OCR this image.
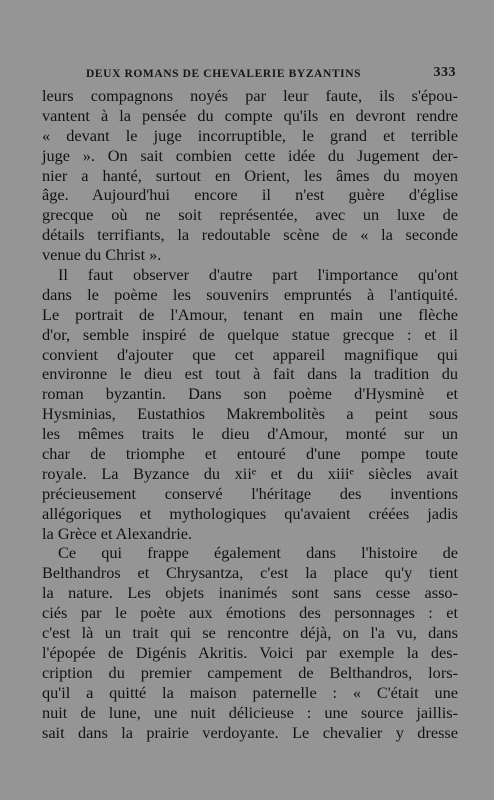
DEUX ROMANS DE CHEVALERIE BYZANTINS	333
leurs compagnons noyés par leur faute, ils s'épou-
vantent à la pensée du compte qu'ils en devront rendre
« devant le juge incorruptible, le grand et terrible
juge ». On sait combien cette idée du Jugement der-
nier a hanté, surtout en Orient, les âmes du moyen
âge. Aujourd'hui encore il n'est guère d'église
grecque où ne soit représentée, avec un luxe de
détails terrifiants, la redoutable scène de « la seconde
venue du Christ ».
Il faut observer d'autre part l'importance qu'ont
dans le poème les souvenirs empruntés à l'antiquité.
Le portrait de l'Amour, tenant en main une flèche
d'or, semble inspiré de quelque statue grecque : et il
convient d'ajouter que cet appareil magnifique qui
environne le dieu est tout à fait dans la tradition du
roman byzantin. Dans son poème d'Hysminè et
Hysminias, Eustathios Makrembolitès a peint sous
les mêmes traits le dieu d'Amour, monté sur un
char de triomphe et entouré d'une pompe toute
royale. La Byzance du xiiᵉ et du xiiiᵉ siècles avait
précieusement conservé l'héritage des inventions
allégoriques et mythologiques qu'avaient créées jadis
la Grèce et Alexandrie.
Ce qui frappe également dans l'histoire de
Belthandros et Chrysantza, c'est la place qu'y tient
la nature. Les objets inanimés sont sans cesse asso-
ciés par le poète aux émotions des personnages : et
c'est là un trait qui se rencontre déjà, on l'a vu, dans
l'épopée de Digénis Akritis. Voici par exemple la des-
cription du premier campement de Belthandros, lors-
qu'il a quitté la maison paternelle : « C'était une
nuit de lune, une nuit délicieuse : une source jaillis-
sait dans la prairie verdoyante. Le chevalier y dresse
